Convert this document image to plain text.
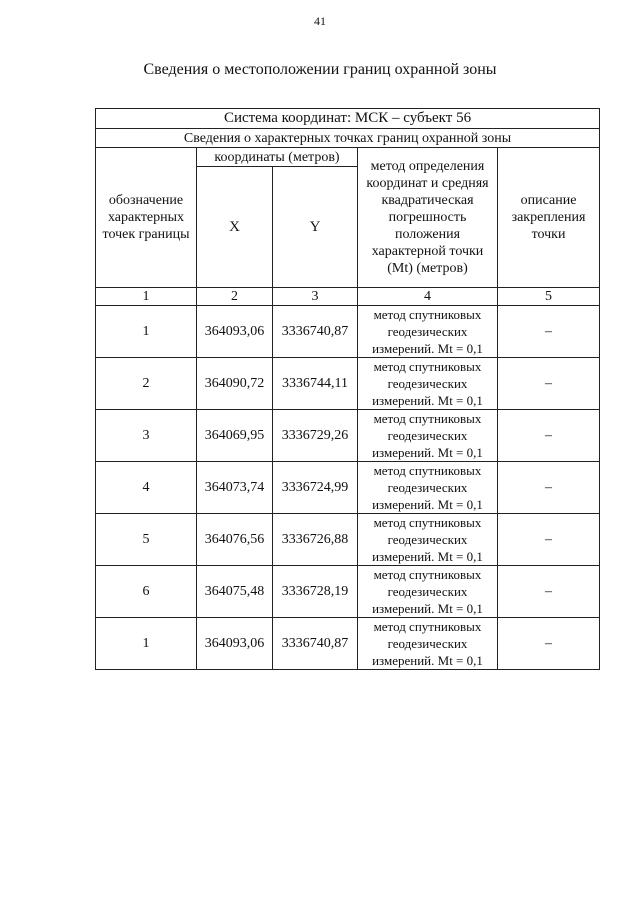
41
Сведения о местоположении границ охранной зоны
Система координат: МСК – субъект 56				
Сведения о характерных точках границ охранной зоны				
обозначение характерных точек границы	координаты (метров)		метод определения координат и средняя квадратическая погрешность положения характерной точки (Mt) (метров)	описание закрепления точки
	X	Y		
1	2	3	4	5
1	364093,06	3336740,87	метод спутниковых геодезических измерений. Mt = 0,1	–
2	364090,72	3336744,11	метод спутниковых геодезических измерений. Mt = 0,1	–
3	364069,95	3336729,26	метод спутниковых геодезических измерений. Mt = 0,1	–
4	364073,74	3336724,99	метод спутниковых геодезических измерений. Mt = 0,1	–
5	364076,56	3336726,88	метод спутниковых геодезических измерений. Mt = 0,1	–
6	364075,48	3336728,19	метод спутниковых геодезических измерений. Mt = 0,1	–
1	364093,06	3336740,87	метод спутниковых геодезических измерений. Mt = 0,1	–
